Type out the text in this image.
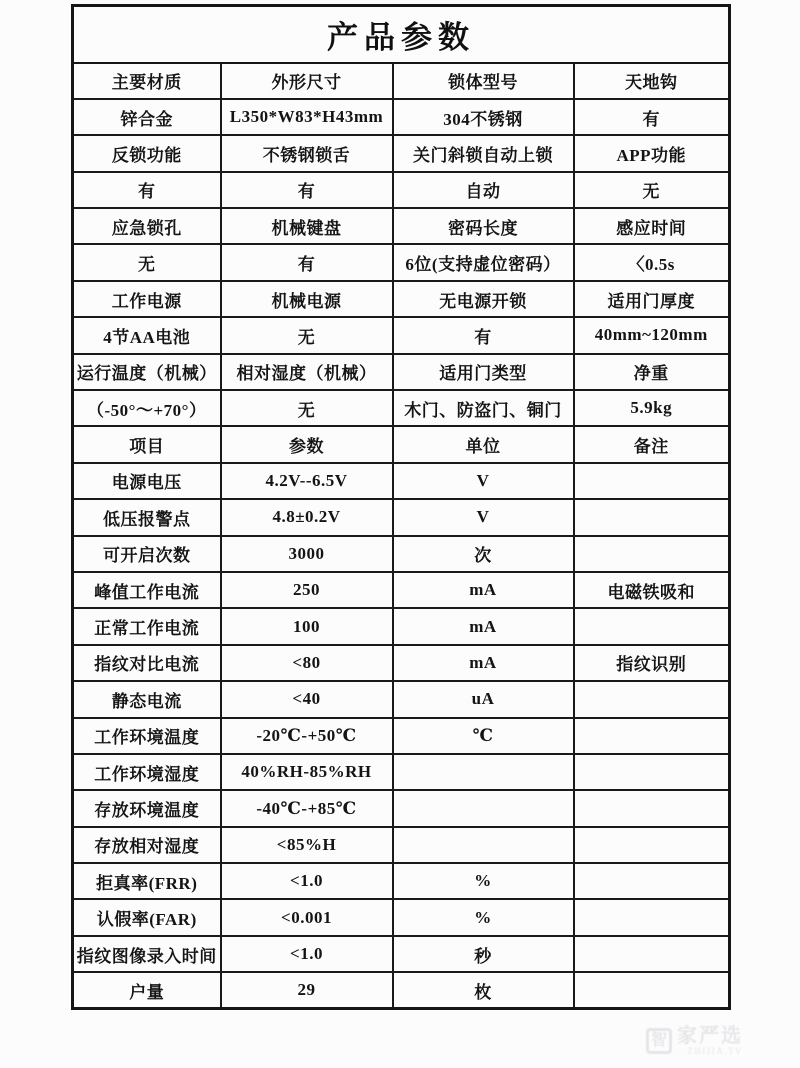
产品参数			
主要材质	外形尺寸	锁体型号	天地钩
锌合金	L350*W83*H43mm	304不锈钢	有
反锁功能	不锈钢锁舌	关门斜锁自动上锁	APP功能
有	有	自动	无
应急锁孔	机械键盘	密码长度	感应时间
无	有	6位(支持虚位密码）	〈0.5s
工作电源	机械电源	无电源开锁	适用门厚度
4节AA电池	无	有	40mm~120mm
运行温度（机械）	相对湿度（机械）	适用门类型	净重
（-50°～+70°）	无	木门、防盗门、铜门	5.9kg
项目	参数	单位	备注
电源电压	4.2V--6.5V	V	
低压报警点	4.8±0.2V	V	
可开启次数	3000	次	
峰值工作电流	250	mA	电磁铁吸和
正常工作电流	100	mA	
指纹对比电流	<80	mA	指纹识别
静态电流	<40	uA	
工作环境温度	-20℃-+50℃	℃	
工作环境湿度	40%RH-85%RH		
存放环境温度	-40℃-+85℃		
存放相对湿度	<85%H		
拒真率(FRR)	<1.0	%	
认假率(FAR)	<0.001	%	
指纹图像录入时间	<1.0	秒	
户量	29	枚	
智 家严选
ZHIJIA.TV
